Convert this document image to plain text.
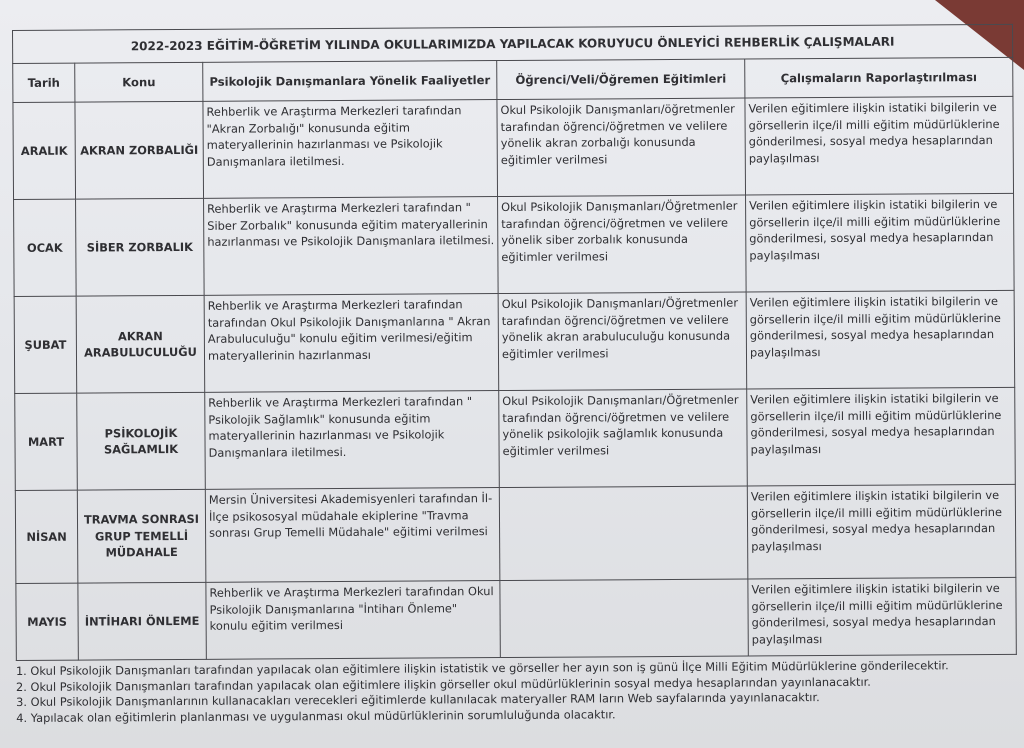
2022-2023 EĞİTİM-ÖĞRETİM YILINDA OKULLARIMIZDA YAPILACAK KORUYUCU ÖNLEYİCİ REHBERLİK ÇALIŞMALARI				
Tarih	Konu	Psikolojik Danışmanlara Yönelik Faaliyetler	Öğrenci/Veli/Öğremen Eğitimleri	Çalışmaların Raporlaştırılması
ARALIK	AKRAN ZORBALIĞI	Rehberlik ve Araştırma Merkezleri tarafından "Akran Zorbalığı" konusunda eğitim materyallerinin hazırlanması ve Psikolojik Danışmanlara iletilmesi.	Okul Psikolojik Danışmanları/öğretmenler tarafından öğrenci/öğretmen ve velilere yönelik akran zorbalığı konusunda eğitimler verilmesi	Verilen eğitimlere ilişkin istatiki bilgilerin ve görsellerin ilçe/il milli eğitim müdürlüklerine gönderilmesi, sosyal medya hesaplarından paylaşılması
OCAK	SİBER ZORBALIK	Rehberlik ve Araştırma Merkezleri tarafından " Siber Zorbalık" konusunda eğitim materyallerinin hazırlanması ve Psikolojik Danışmanlara iletilmesi.	Okul Psikolojik Danışmanları/Öğretmenler tarafından öğrenci/öğretmen ve velilere yönelik siber zorbalık konusunda eğitimler verilmesi	Verilen eğitimlere ilişkin istatiki bilgilerin ve görsellerin ilçe/il milli eğitim müdürlüklerine gönderilmesi, sosyal medya hesaplarından paylaşılması
ŞUBAT	AKRAN ARABULUCULUĞU	Rehberlik ve Araştırma Merkezleri tarafından tarafından Okul Psikolojik Danışmanlarına " Akran Arabuluculuğu" konulu eğitim verilmesi/eğitim materyallerinin hazırlanması	Okul Psikolojik Danışmanları/Öğretmenler tarafından öğrenci/öğretmen ve velilere yönelik akran arabuluculuğu konusunda eğitimler verilmesi	Verilen eğitimlere ilişkin istatiki bilgilerin ve görsellerin ilçe/il milli eğitim müdürlüklerine gönderilmesi, sosyal medya hesaplarından paylaşılması
MART	PSİKOLOJİK SAĞLAMLIK	Rehberlik ve Araştırma Merkezleri tarafından " Psikolojik Sağlamlık" konusunda eğitim materyallerinin hazırlanması ve Psikolojik Danışmanlara iletilmesi.	Okul Psikolojik Danışmanları/Öğretmenler tarafından öğrenci/öğretmen ve velilere yönelik psikolojik sağlamlık konusunda eğitimler verilmesi	Verilen eğitimlere ilişkin istatiki bilgilerin ve görsellerin ilçe/il milli eğitim müdürlüklerine gönderilmesi, sosyal medya hesaplarından paylaşılması
NİSAN	TRAVMA SONRASI GRUP TEMELLİ MÜDAHALE	Mersin Üniversitesi Akademisyenleri tarafından İl-İlçe psikososyal müdahale ekiplerine "Travma sonrası Grup Temelli Müdahale" eğitimi verilmesi		Verilen eğitimlere ilişkin istatiki bilgilerin ve görsellerin ilçe/il milli eğitim müdürlüklerine gönderilmesi, sosyal medya hesaplarından paylaşılması
MAYIS	İNTİHARI ÖNLEME	Rehberlik ve Araştırma Merkezleri tarafından Okul Psikolojik Danışmanlarına "İntiharı Önleme" konulu eğitim verilmesi		Verilen eğitimlere ilişkin istatiki bilgilerin ve görsellerin ilçe/il milli eğitim müdürlüklerine gönderilmesi, sosyal medya hesaplarından paylaşılması
1. Okul Psikolojik Danışmanları tarafından yapılacak olan eğitimlere ilişkin istatistik ve görseller her ayın son iş günü İlçe Milli Eğitim Müdürlüklerine gönderilecektir.
2. Okul Psikolojik Danışmanları tarafından yapılacak olan eğitimlere ilişkin görseller okul müdürlüklerinin sosyal medya hesaplarından yayınlanacaktır.
3. Okul Psikolojik Danışmanlarının kullanacakları verecekleri eğitimlerde kullanılacak materyaller RAM ların Web sayfalarında yayınlanacaktır.
4. Yapılacak olan eğitimlerin planlanması ve uygulanması okul müdürlüklerinin sorumluluğunda olacaktır.
